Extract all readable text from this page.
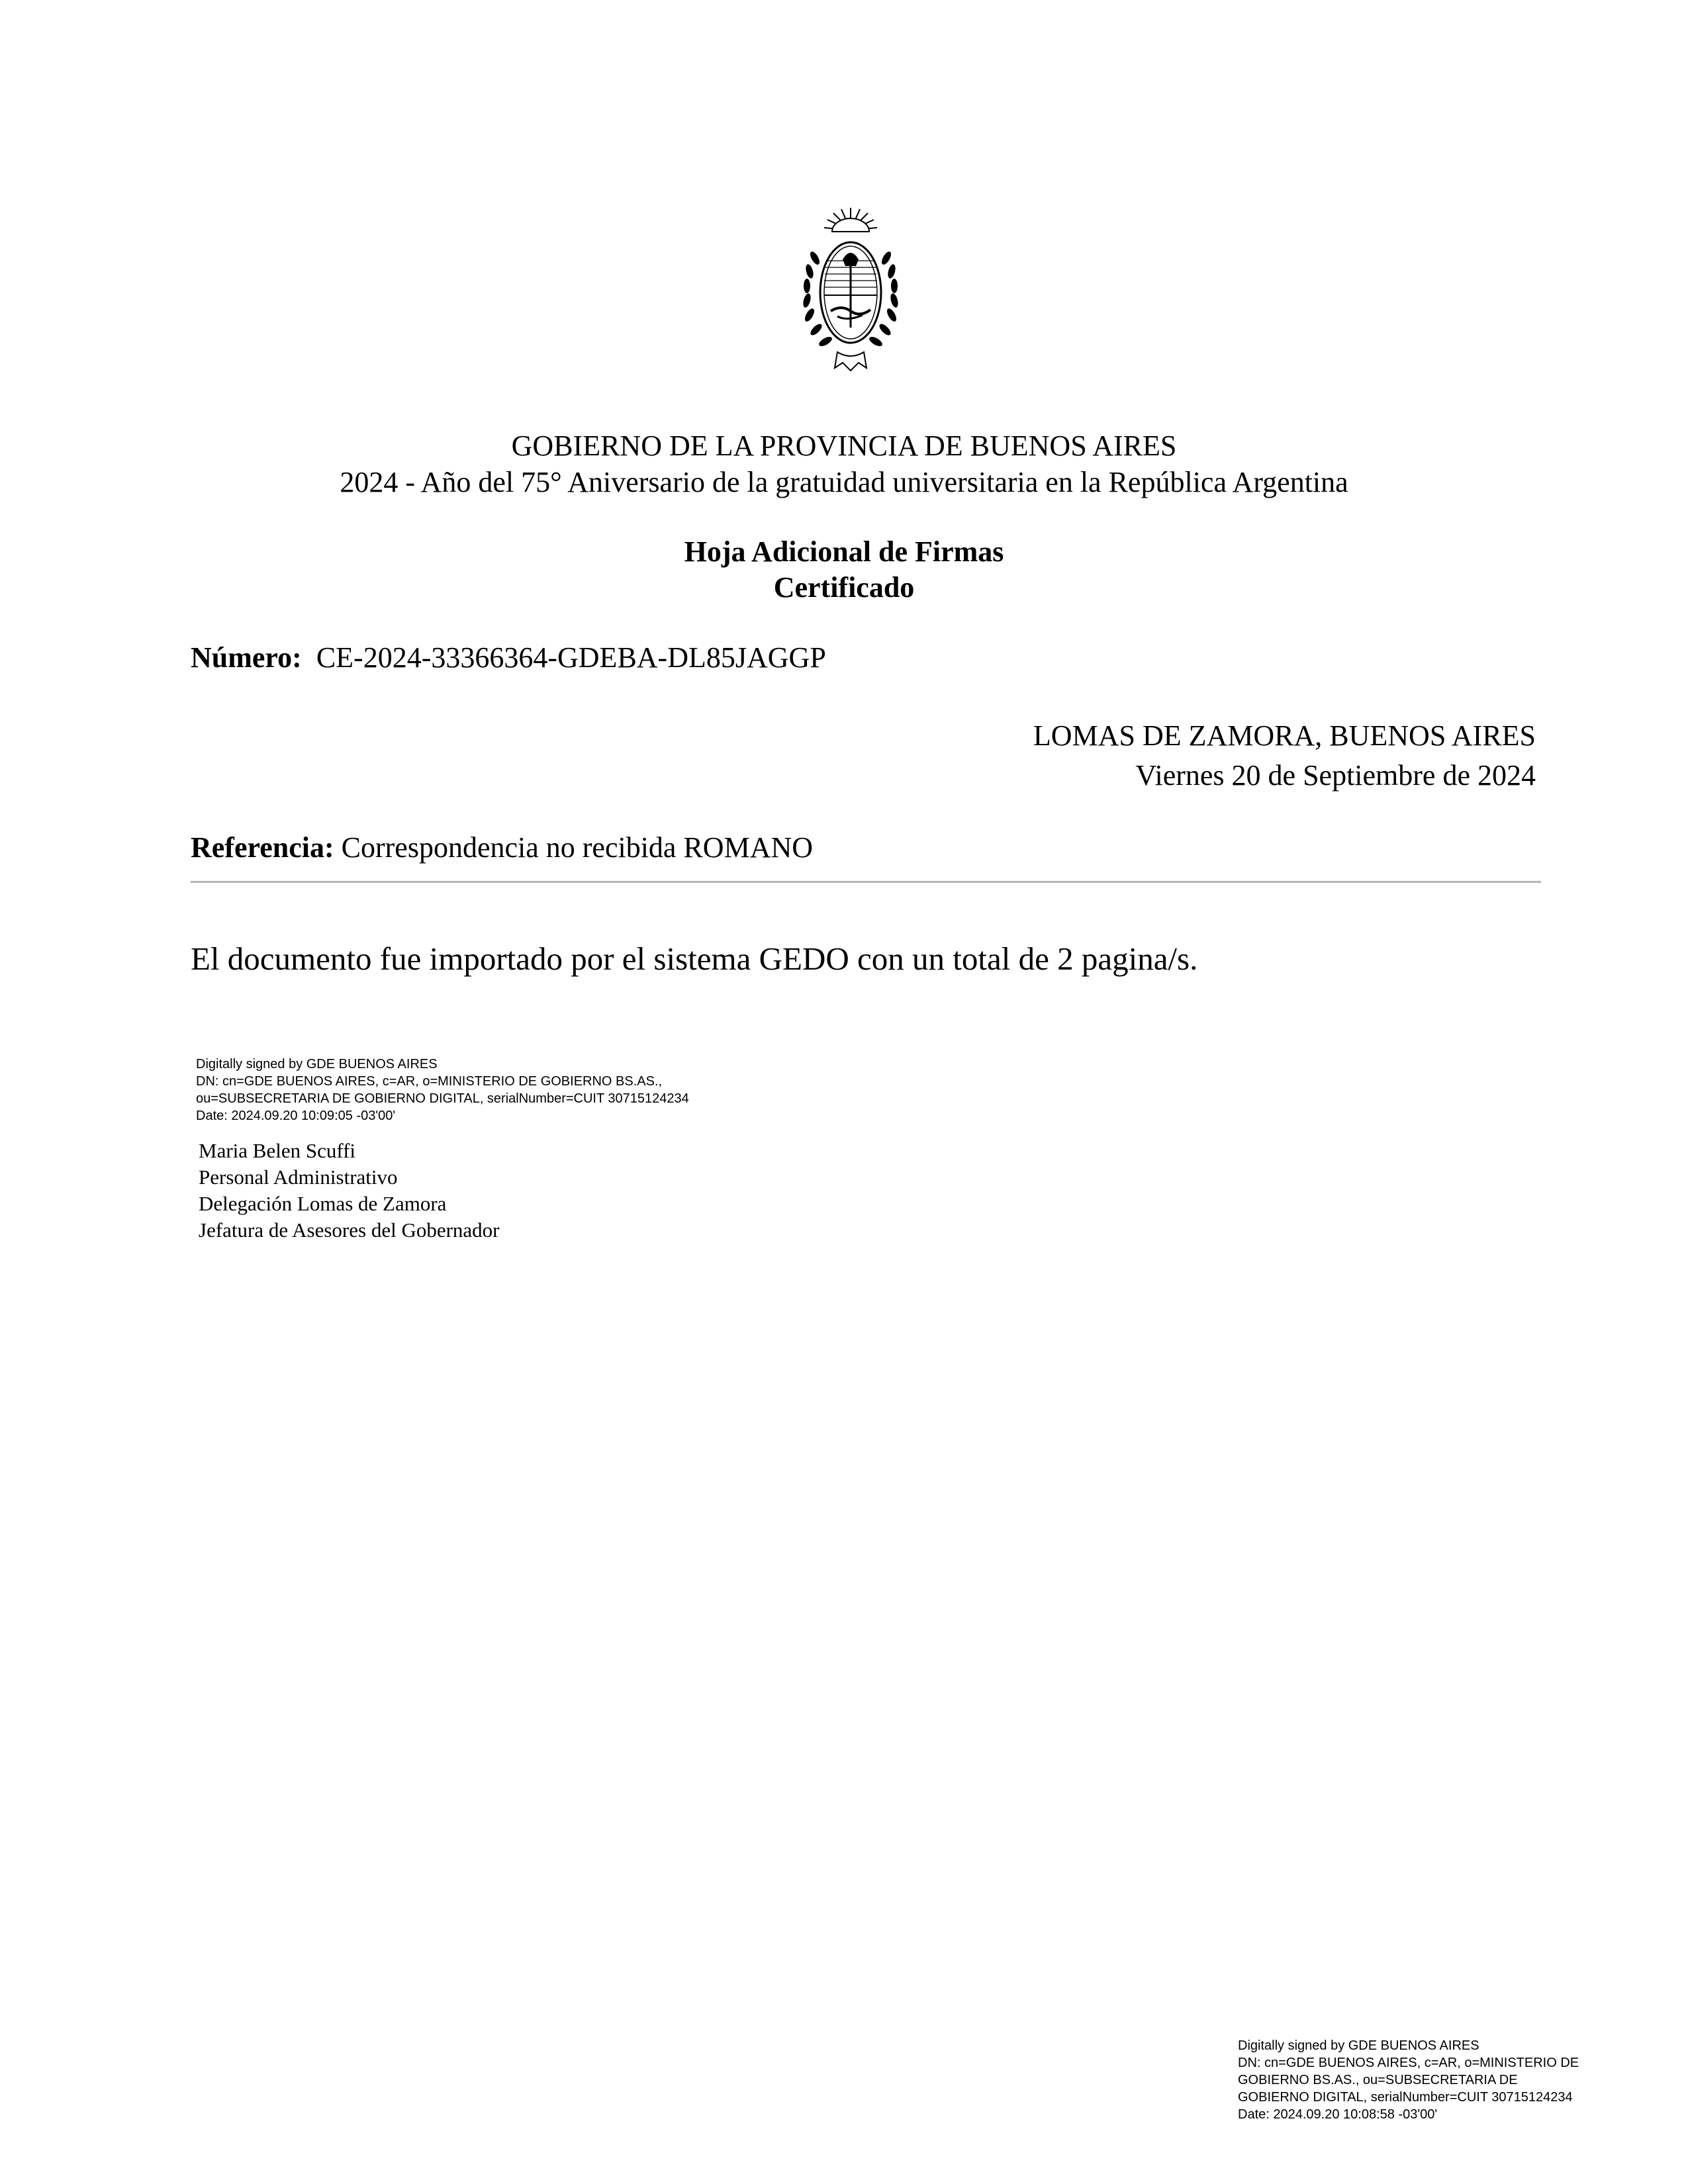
GOBIERNO DE LA PROVINCIA DE BUENOS AIRES
2024 - Año del 75° Aniversario de la gratuidad universitaria en la República Argentina
Hoja Adicional de Firmas
Certificado
Número: CE-2024-33366364-GDEBA-DL85JAGGP
LOMAS DE ZAMORA, BUENOS AIRES
Viernes 20 de Septiembre de 2024
Referencia: Correspondencia no recibida ROMANO
El documento fue importado por el sistema GEDO con un total de 2 pagina/s.
Digitally signed by GDE BUENOS AIRES
DN: cn=GDE BUENOS AIRES, c=AR, o=MINISTERIO DE GOBIERNO BS.AS.,
ou=SUBSECRETARIA DE GOBIERNO DIGITAL, serialNumber=CUIT 30715124234
Date: 2024.09.20 10:09:05 -03'00'
Maria Belen Scuffi
Personal Administrativo
Delegación Lomas de Zamora
Jefatura de Asesores del Gobernador
Digitally signed by GDE BUENOS AIRES
DN: cn=GDE BUENOS AIRES, c=AR, o=MINISTERIO DE
GOBIERNO BS.AS., ou=SUBSECRETARIA DE
GOBIERNO DIGITAL, serialNumber=CUIT 30715124234
Date: 2024.09.20 10:08:58 -03'00'
